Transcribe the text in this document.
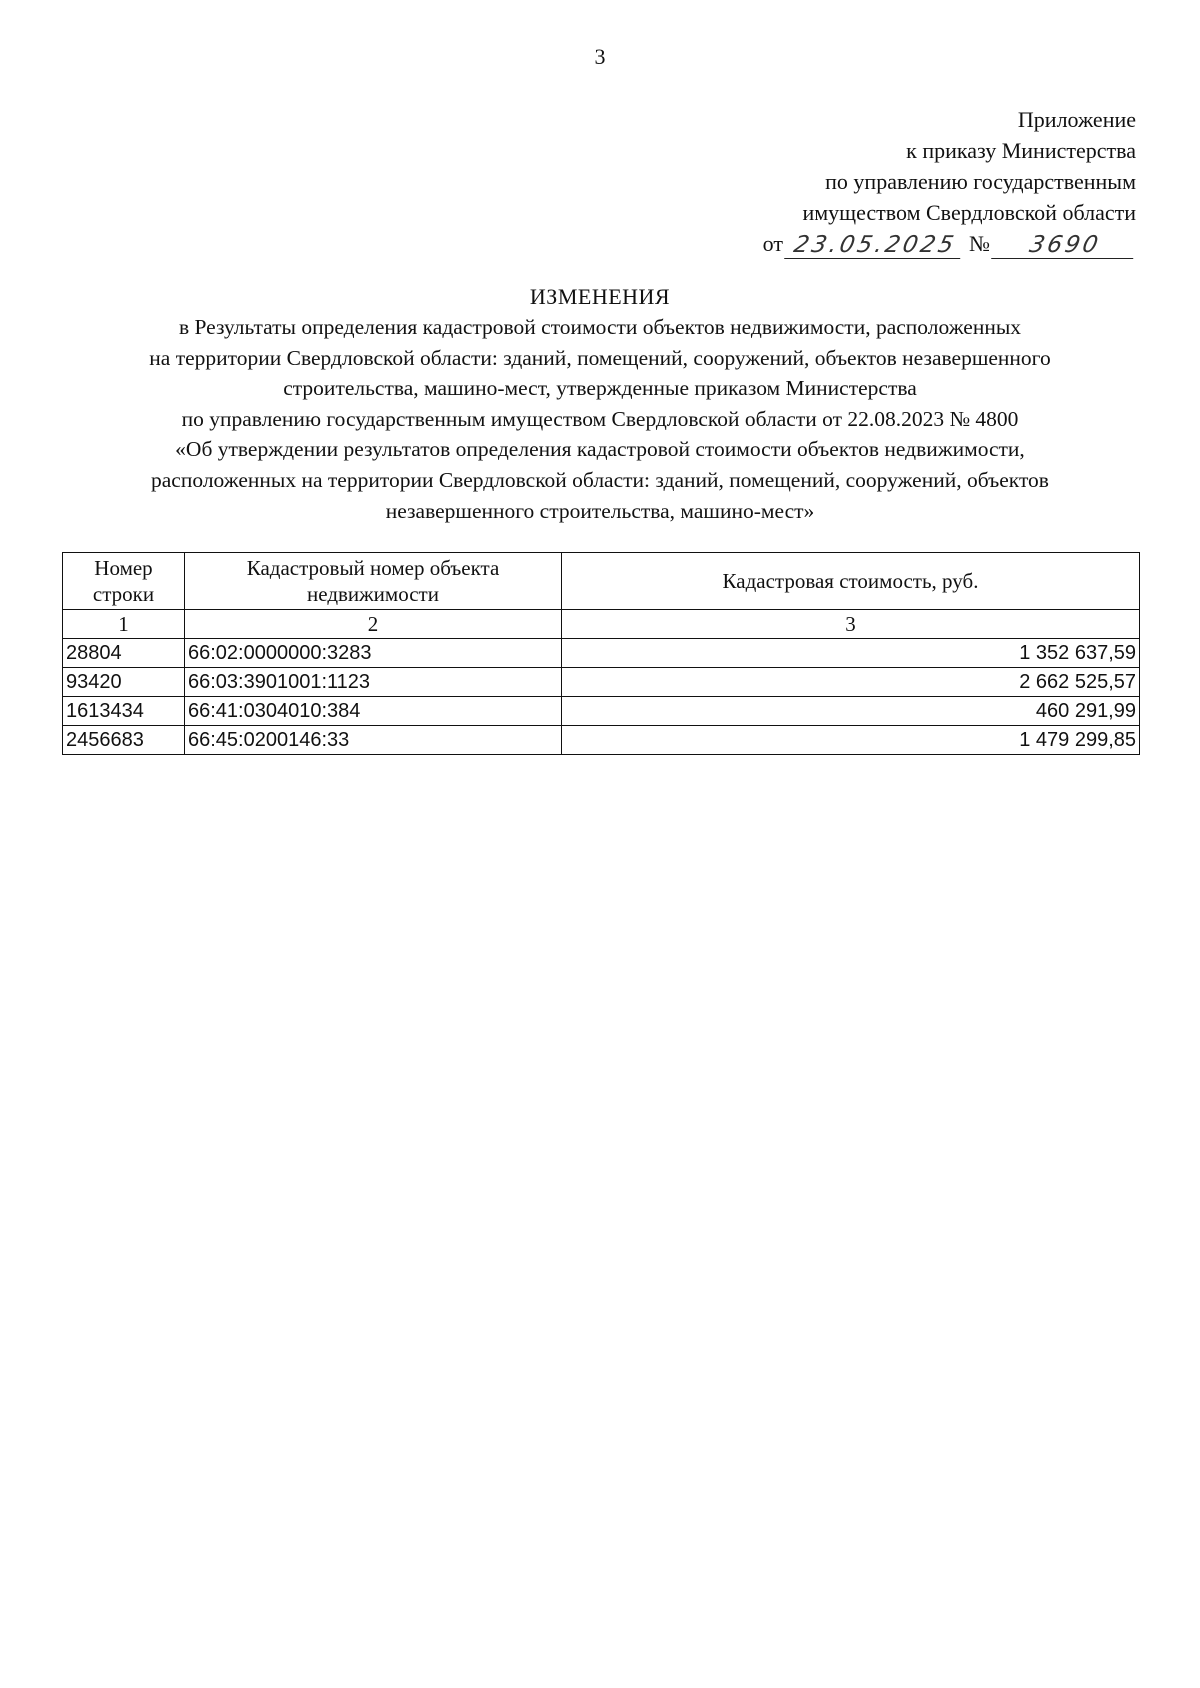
3
Приложение
к приказу Министерства
по управлению государственным
имуществом Свердловской области
от 23.05.2025 №	3690
ИЗМЕНЕНИЯ
в Результаты определения кадастровой стоимости объектов недвижимости, расположенных
на территории Свердловской области: зданий, помещений, сооружений, объектов незавершенного
строительства, машино-мест, утвержденные приказом Министерства
по управлению государственным имуществом Свердловской области от 22.08.2023 № 4800
«Об утверждении результатов определения кадастровой стоимости объектов недвижимости,
расположенных на территории Свердловской области: зданий, помещений, сооружений, объектов
незавершенного строительства, машино-мест»
Номер строки	Кадастровый номер объекта недвижимости	Кадастровая стоимость, руб.
1	2	3
28804	66:02:0000000:3283	1 352 637,59
93420	66:03:3901001:1123	2 662 525,57
1613434	66:41:0304010:384	460 291,99
2456683	66:45:0200146:33	1 479 299,85
